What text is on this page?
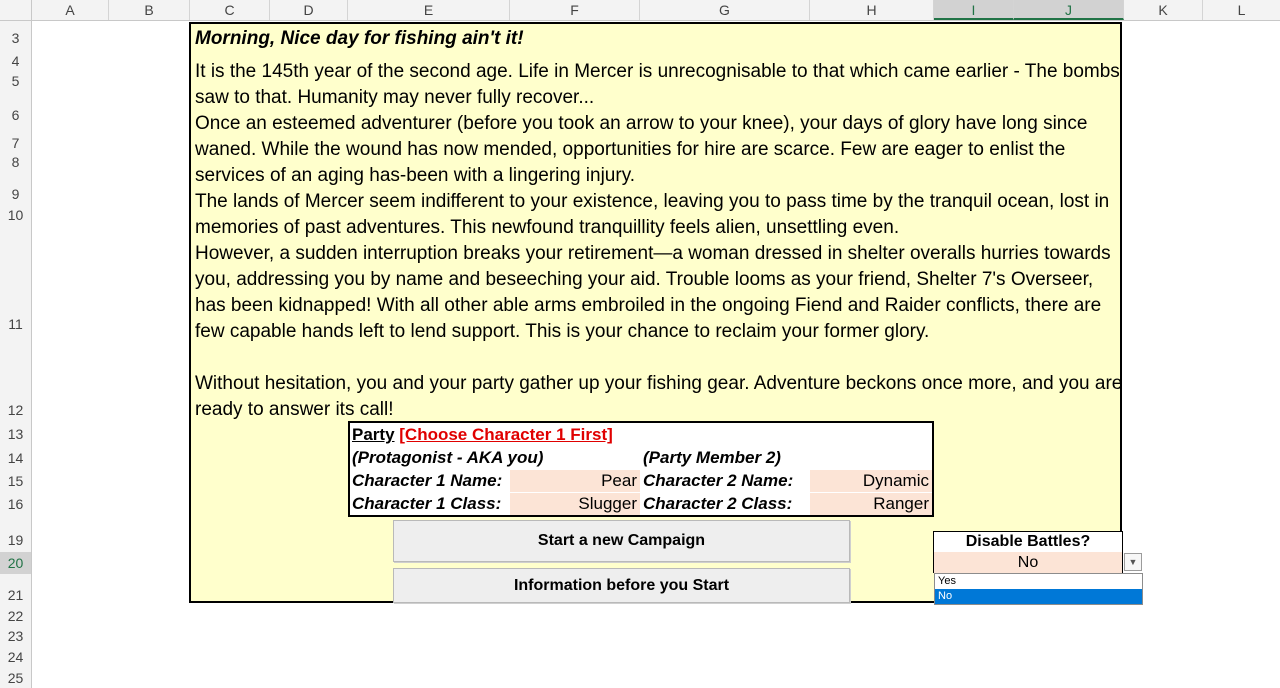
A	B	C	D	E	F	G	H	I	J	K	L
3
4
5
6
7
8
9
10
11
12
13
14
15
16
19
20
21
22
23
24
25
Morning, Nice day for fishing ain't it!

It is the 145th year of the second age. Life in Mercer is unrecognisable to that which came earlier - The bombs saw to that. Humanity may never fully recover...

Once an esteemed adventurer (before you took an arrow to your knee), your days of glory have long since waned. While the wound has now mended, opportunities for hire are scarce. Few are eager to enlist the services of an aging has-been with a lingering injury.

The lands of Mercer seem indifferent to your existence, leaving you to pass time by the tranquil ocean, lost in memories of past adventures. This newfound tranquillity feels alien, unsettling even.

However, a sudden interruption breaks your retirement—a woman dressed in shelter overalls hurries towards you, addressing you by name and beseeching your aid. Trouble looms as your friend, Shelter 7's Overseer, has been kidnapped! With all other able arms embroiled in the ongoing Fiend and Raider conflicts, there are few capable hands left to lend support. This is your chance to reclaim your former glory.

Without hesitation, you and your party gather up your fishing gear. Adventure beckons once more, and you are ready to answer its call!

Party [Choose Character 1 First]
(Protagonist - AKA you)	(Party Member 2)
Character 1 Name:	Pear Character 2 Name:	Dynamic
Character 1 Class:	Slugger Character 2 Class:	Ranger
Start a new Campaign
Information before you Start
Disable Battles?
No	▼
Yes
No
